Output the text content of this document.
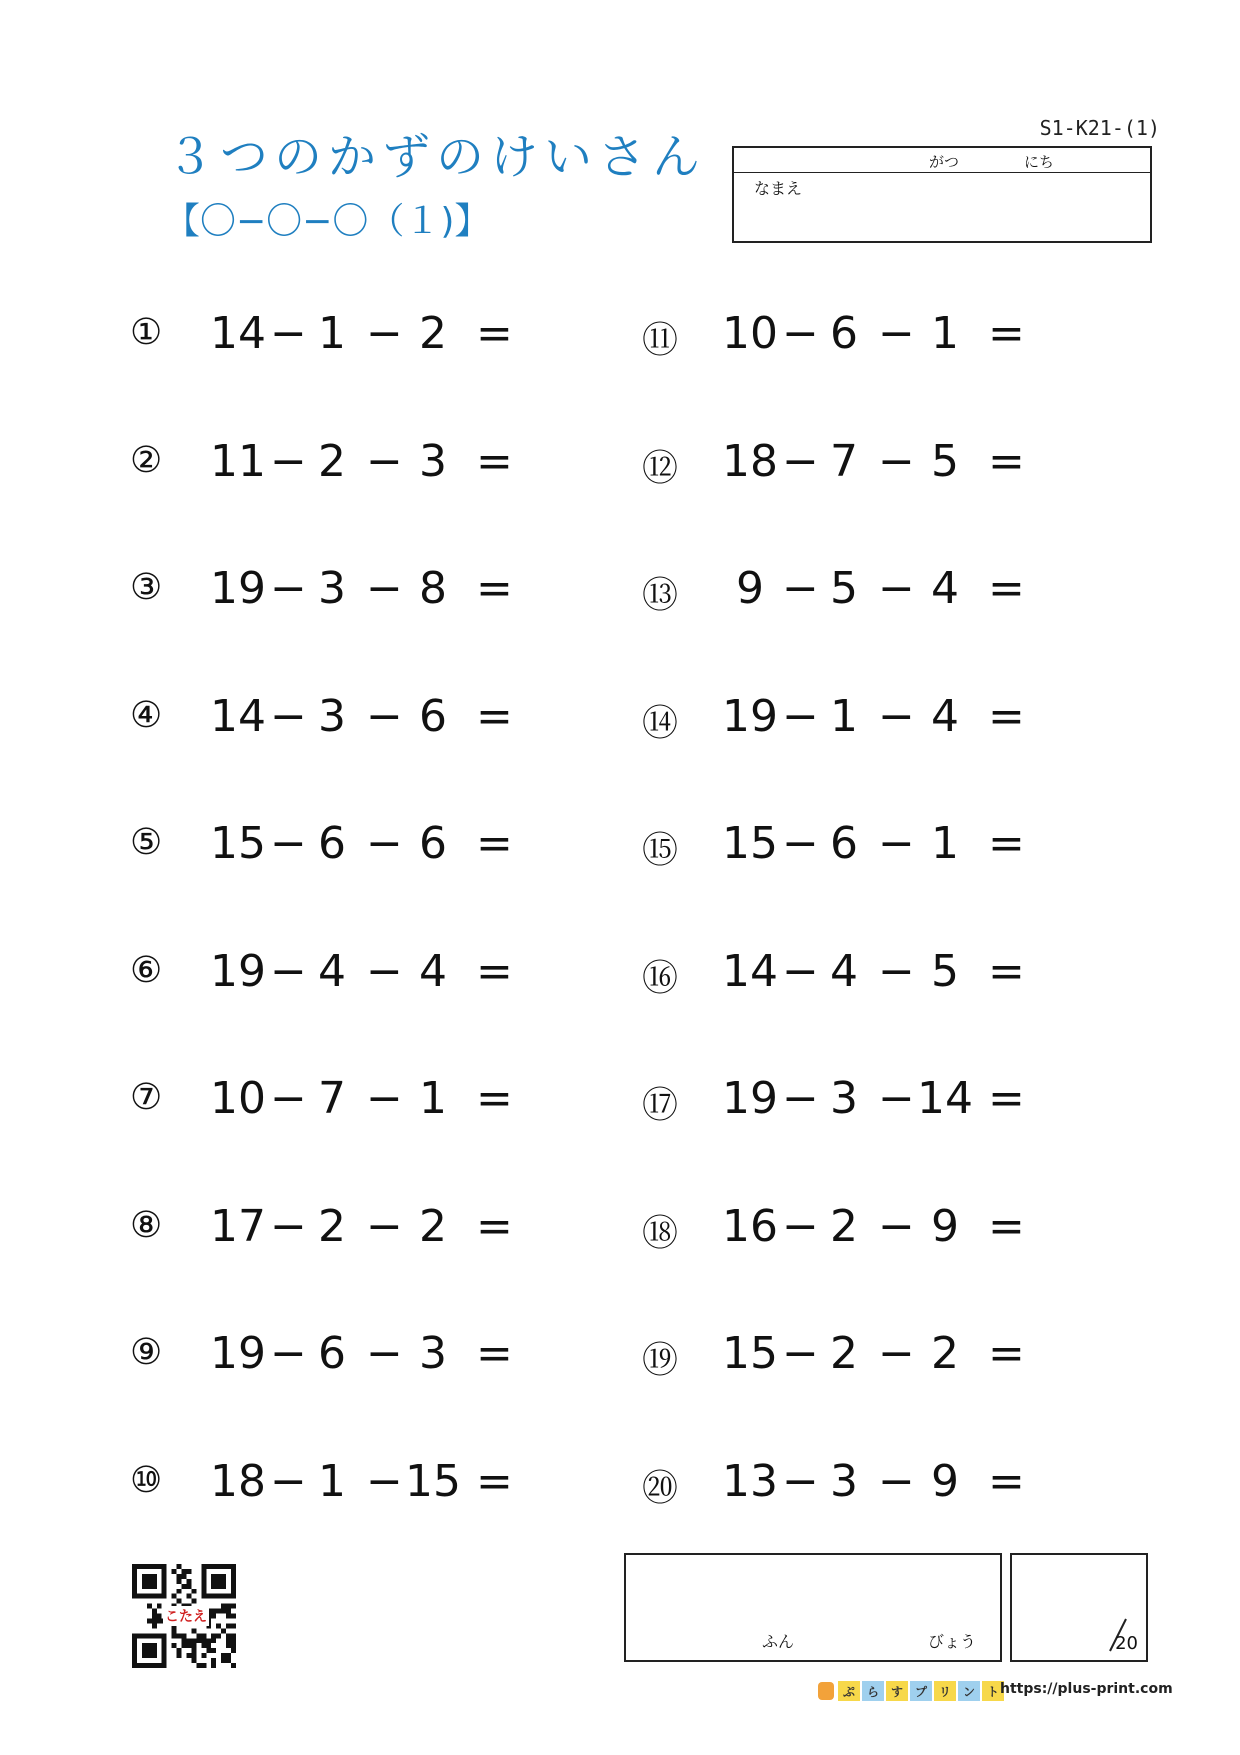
３つのかずのけいさん
【〇−〇−〇（１)】
S1-K21-(1)
がつ	にち
なまえ
① 14 − 1 − 2 =
② 11 − 2 − 3 =
③ 19 − 3 − 8 =
④ 14 − 3 − 6 =
⑤ 15 − 6 − 6 =
⑥ 19 − 4 − 4 =
⑦ 10 − 7 − 1 =
⑧ 17 − 2 − 2 =
⑨ 19 − 6 − 3 =
⑩ 18 − 1 − 15 =
⑪ 10 − 6 − 1 =
⑫ 18 − 7 − 5 =
⑬	9 − 5 − 4 =
⑭ 19 − 1 − 4 =
⑮ 15 − 6 − 1 =
⑯ 14 − 4 − 5 =
⑰ 19 − 3 − 14 =
⑱ 16 − 2 − 9 =
⑲ 15 − 2 − 2 =
⑳ 13 − 3 − 9 =
こたえ
ふん	びょう	20
ぷ ら す プ リ ン ト https://plus-print.com
